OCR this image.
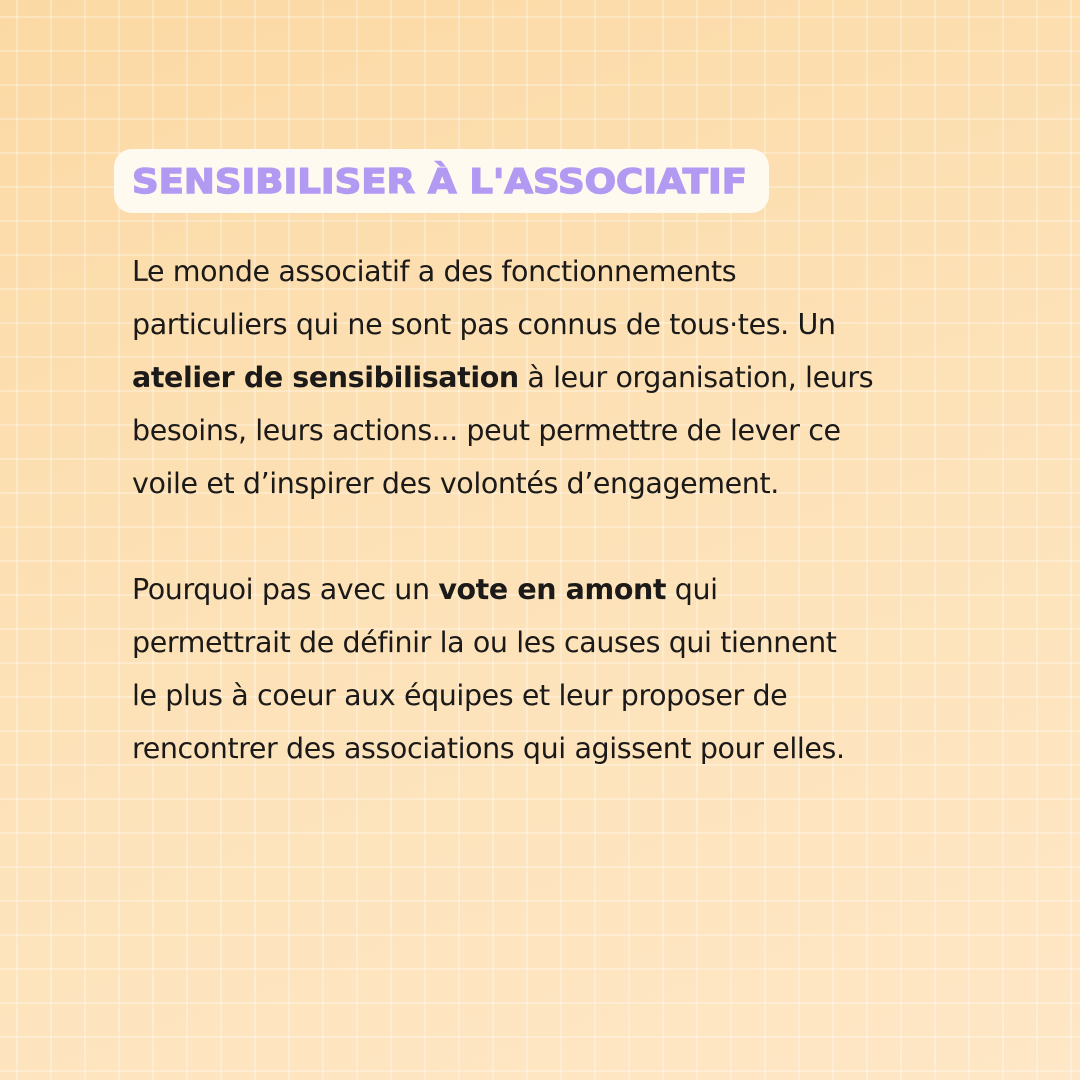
SENSIBILISER À L'ASSOCIATIF

Le monde associatif a des fonctionnements
particuliers qui ne sont pas connus de tous·tes. Un
atelier de sensibilisation à leur organisation, leurs
besoins, leurs actions... peut permettre de lever ce
voile et d’inspirer des volontés d’engagement.

Pourquoi pas avec un vote en amont qui
permettrait de définir la ou les causes qui tiennent
le plus à coeur aux équipes et leur proposer de
rencontrer des associations qui agissent pour elles.
